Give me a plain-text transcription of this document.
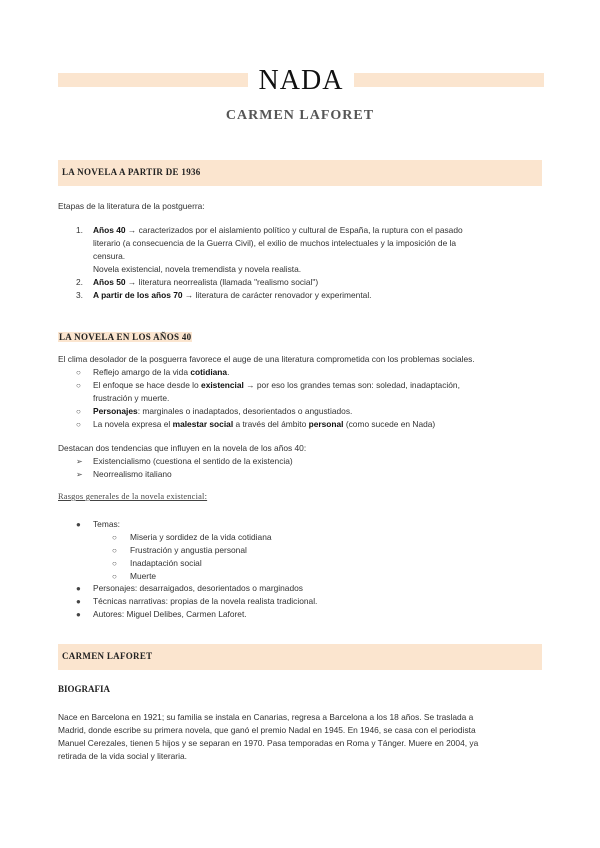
NADA
CARMEN LAFORET
LA NOVELA A PARTIR DE 1936
Etapas de la literatura de la postguerra:
1. Años 40 → caracterizados por el aislamiento político y cultural de España, la ruptura con el pasado
literario (a consecuencia de la Guerra Civil), el exilio de muchos intelectuales y la imposición de la
censura.
Novela existencial, novela tremendista y novela realista.
2. Años 50 → literatura neorrealista (llamada "realismo social")
3. A partir de los años 70 → literatura de carácter renovador y experimental.
LA NOVELA EN LOS AÑOS 40
El clima desolador de la posguerra favorece el auge de una literatura comprometida con los problemas sociales.
○ Reflejo amargo de la vida cotidiana.
○ El enfoque se hace desde lo existencial → por eso los grandes temas son: soledad, inadaptación,
frustración y muerte.
○ Personajes: marginales o inadaptados, desorientados o angustiados.
○ La novela expresa el malestar social a través del ámbito personal (como sucede en Nada)
Destacan dos tendencias que influyen en la novela de los años 40:
➢ Existencialismo (cuestiona el sentido de la existencia)
➢ Neorrealismo italiano
Rasgos generales de la novela existencial:
● Temas:
○ Miseria y sordidez de la vida cotidiana
○ Frustración y angustia personal
○ Inadaptación social
○ Muerte
● Personajes: desarraigados, desorientados o marginados
● Técnicas narrativas: propias de la novela realista tradicional.
● Autores: Miguel Delibes, Carmen Laforet.
CARMEN LAFORET
BIOGRAFIA
Nace en Barcelona en 1921; su familia se instala en Canarias, regresa a Barcelona a los 18 años. Se traslada a
Madrid, donde escribe su primera novela, que ganó el premio Nadal en 1945. En 1946, se casa con el periodista
Manuel Cerezales, tienen 5 hijos y se separan en 1970. Pasa temporadas en Roma y Tánger. Muere en 2004, ya
retirada de la vida social y literaria.
